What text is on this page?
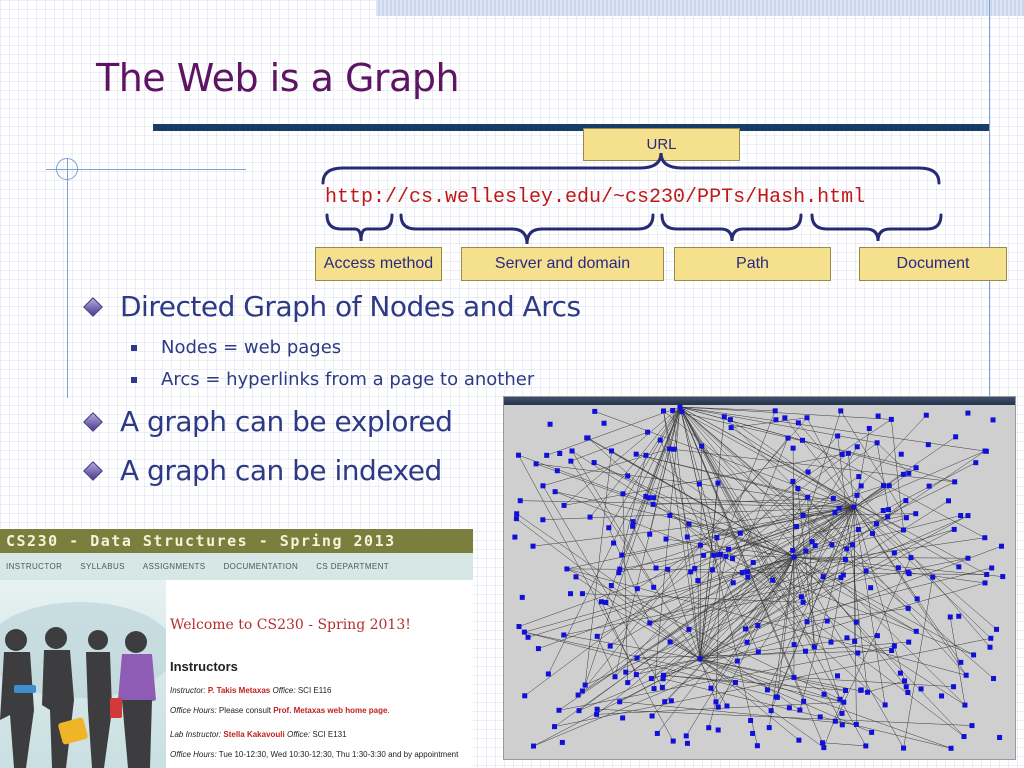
The Web is a Graph
URL
http://cs.wellesley.edu/~cs230/PPTs/Hash.html
Access method	Server and domain	Path	Document
Directed Graph of Nodes and Arcs
Nodes = web pages
Arcs = hyperlinks from a page to another
A graph can be explored
A graph can be indexed
CS230 - Data Structures - Spring 2013
INSTRUCTOR SYLLABUS ASSIGNMENTS DOCUMENTATION CS DEPARTMENT
Welcome to CS230 - Spring 2013!
Instructors
Instructor: P. Takis Metaxas Office: SCI E116
Office Hours: Please consult Prof. Metaxas web home page.
Lab Instructor: Stella Kakavouli Office: SCI E131
Office Hours: Tue 10-12:30, Wed 10:30-12:30, Thu 1:30-3:30 and by appointment
